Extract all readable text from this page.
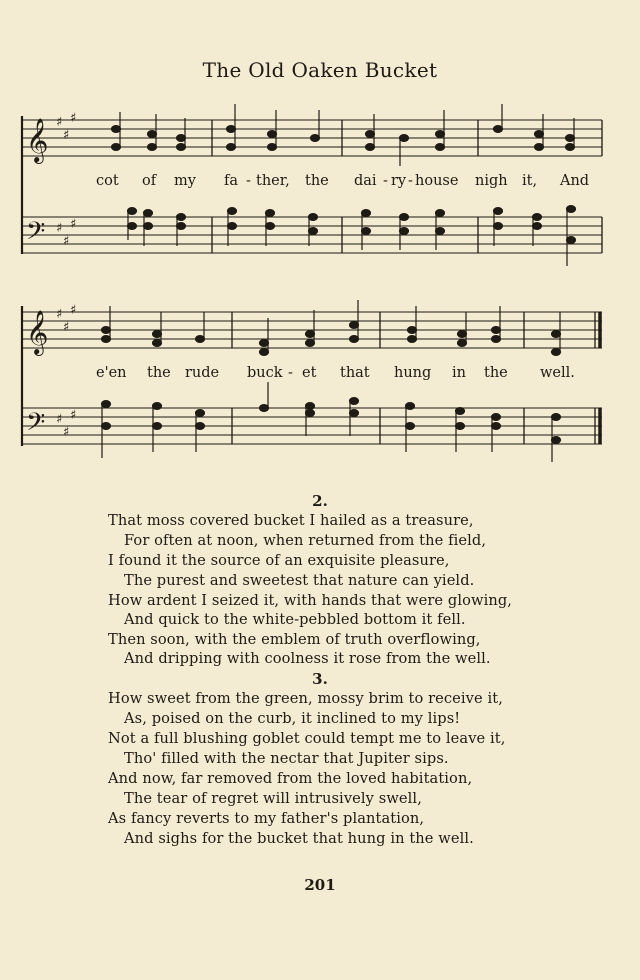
The Old Oaken Bucket
𝄞
𝄢
𝄞
𝄢
♯
♯
♯
♯
♯
♯
♯
♯
♯
♯
♯
♯
cot of my fa - ther, the dai - ry - house nigh it, And
e'en the rude buck - et that hung in the well.
2.
That moss covered bucket I hailed as a treasure,
For often at noon, when returned from the field,
I found it the source of an exquisite pleasure,
The purest and sweetest that nature can yield.
How ardent I seized it, with hands that were glowing,
And quick to the white-pebbled bottom it fell.
Then soon, with the emblem of truth overflowing,
And dripping with coolness it rose from the well.
3.
How sweet from the green, mossy brim to receive it,
As, poised on the curb, it inclined to my lips!
Not a full blushing goblet could tempt me to leave it,
Tho' filled with the nectar that Jupiter sips.
And now, far removed from the loved habitation,
The tear of regret will intrusively swell,
As fancy reverts to my father's plantation,
And sighs for the bucket that hung in the well.
201
